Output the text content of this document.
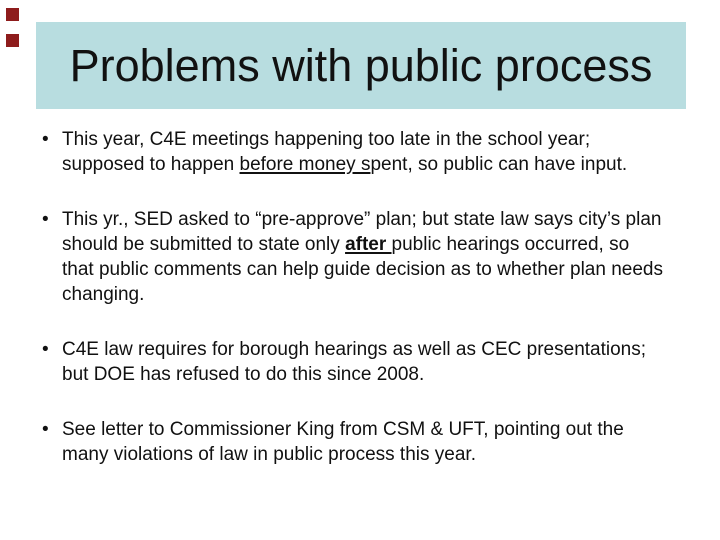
Problems with public process
• This year, C4E meetings happening too late in the school year; supposed to happen before money spent, so public can have input.
• This yr., SED asked to “pre-approve” plan; but state law says city’s plan should be submitted to state only after public hearings occurred, so that public comments can help guide decision as to whether plan needs changing.
• C4E law requires for borough hearings as well as CEC presentations; but DOE has refused to do this since 2008.
• See letter to Commissioner King from CSM & UFT, pointing out the many violations of law in public process this year.
